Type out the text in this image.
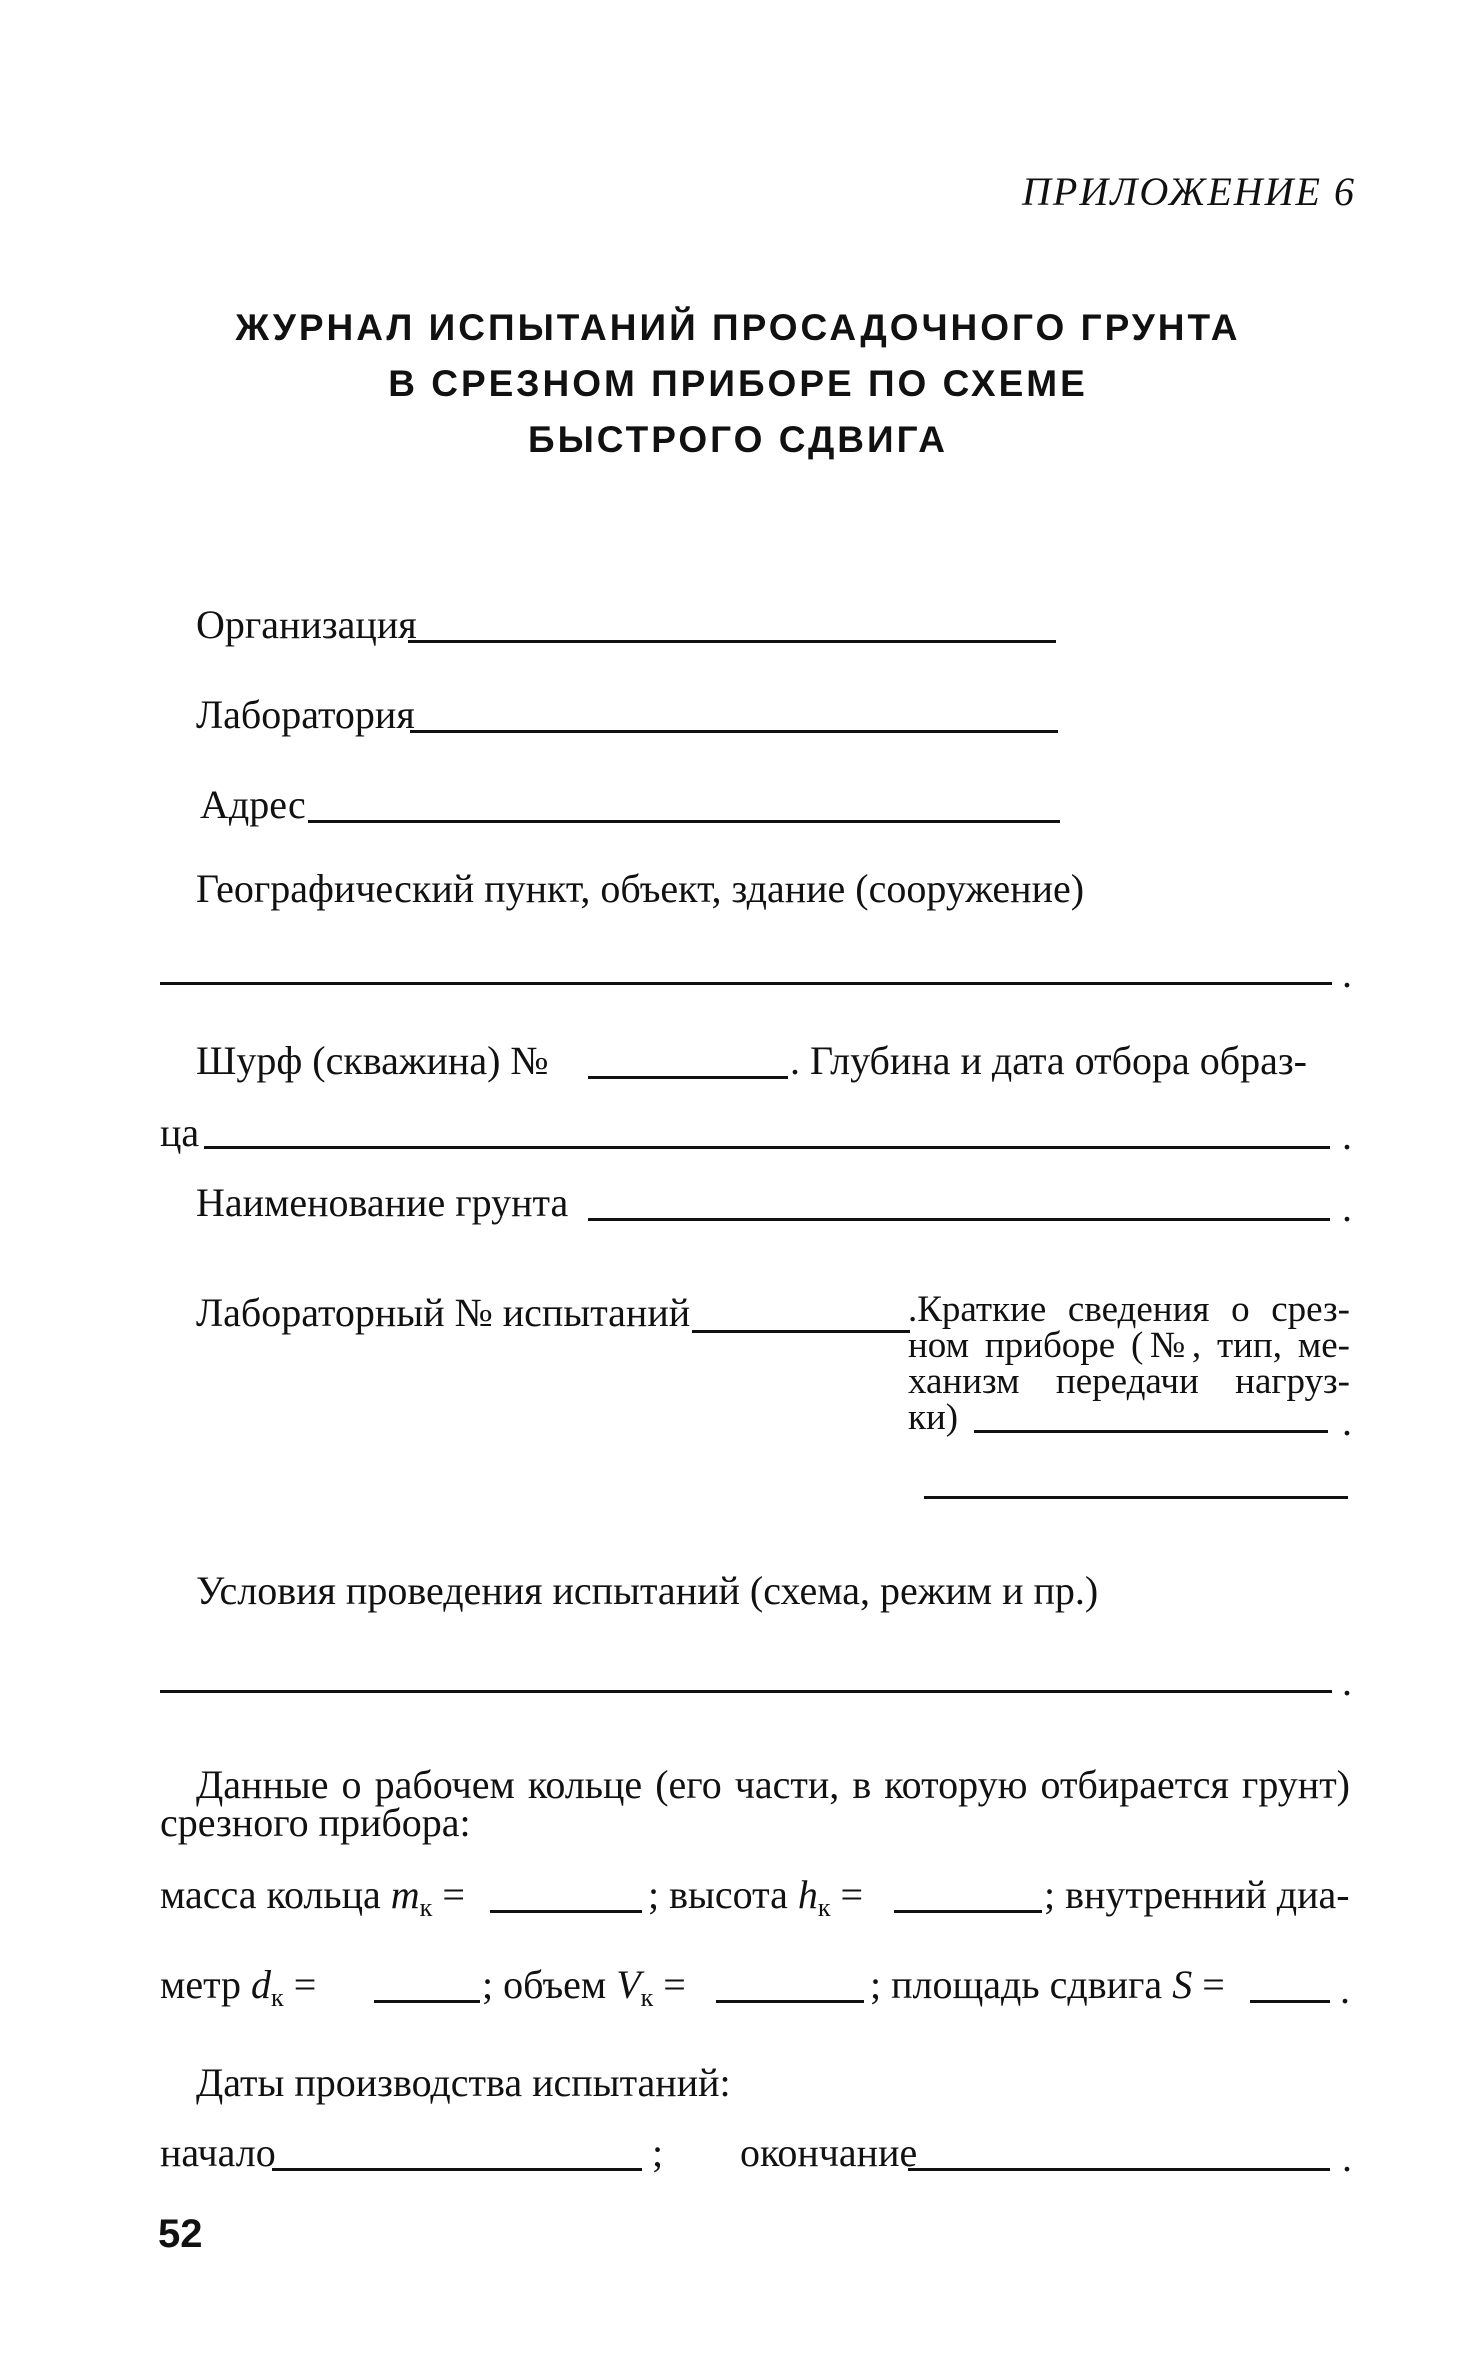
ПРИЛОЖЕНИЕ 6
ЖУРНАЛ ИСПЫТАНИЙ ПРОСАДОЧНОГО ГРУНТА
В СРЕЗНОМ ПРИБОРЕ ПО СХЕМЕ
БЫСТРОГО СДВИГА
Организация
Лаборатория
Адрес
Географический пункт, объект, здание (сооружение)
.
Шурф (скважина) №	. Глубина и дата отбора образ-
ца	.
Наименование грунта	.
Лабораторный № испытаний	.Краткие сведения о срез-
ном приборе (№, тип, ме-
ханизм передачи нагруз-
ки)	.
Условия проведения испытаний (схема, режим и пр.)
.
Данные о рабочем кольце (его части, в которую отбирается грунт)
срезного прибора:
масса кольца $m_к$ =	; высота $h_к$ =	; внутренний диа-
метр $d_к$ =	; объем $V_к$ =	; площадь сдвига S =	.
Даты производства испытаний:
начало	; окончание	.
52
